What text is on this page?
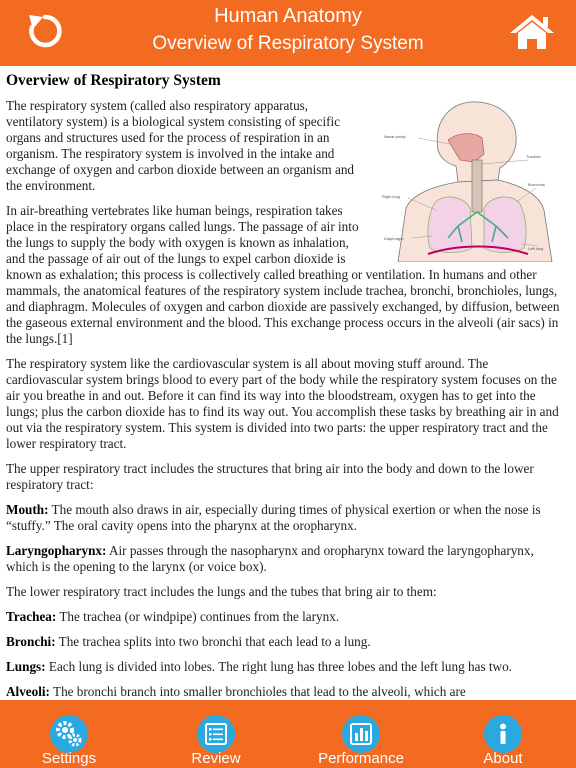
Human Anatomy
Overview of Respiratory System
Overview of Respiratory System
Nasal cavity
Trachea
Right lung
Bronchus
Diaphragm
Left lung

The respiratory system (called also respiratory apparatus, ventilatory system) is a biological system consisting of specific organs and structures used for the process of respiration in an organism. The respiratory system is involved in the intake and exchange of oxygen and carbon dioxide between an organism and the environment.

In air-breathing vertebrates like human beings, respiration takes place in the respiratory organs called lungs. The passage of air into the lungs to supply the body with oxygen is known as inhalation, and the passage of air out of the lungs to expel carbon dioxide is known as exhalation; this process is collectively called breathing or ventilation. In humans and other mammals, the anatomical features of the respiratory system include trachea, bronchi, bronchioles, lungs, and diaphragm. Molecules of oxygen and carbon dioxide are passively exchanged, by diffusion, between the gaseous external environment and the blood. This exchange process occurs in the alveoli (air sacs) in the lungs.[1]

The respiratory system like the cardiovascular system is all about moving stuff around. The cardiovascular system brings blood to every part of the body while the respiratory system focuses on the air you breathe in and out. Before it can find its way into the bloodstream, oxygen has to get into the lungs; plus the carbon dioxide has to find its way out. You accomplish these tasks by breathing air in and out via the respiratory system. This system is divided into two parts: the upper respiratory tract and the lower respiratory tract.

The upper respiratory tract includes the structures that bring air into the body and down to the lower respiratory tract:

Mouth: The mouth also draws in air, especially during times of physical exertion or when the nose is “stuffy.” The oral cavity opens into the pharynx at the oropharynx.

Laryngopharynx: Air passes through the nasopharynx and oropharynx toward the laryngopharynx, which is the opening to the larynx (or voice box).

The lower respiratory tract includes the lungs and the tubes that bring air to them:

Trachea: The trachea (or windpipe) continues from the larynx.

Bronchi: The trachea splits into two bronchi that each lead to a lung.

Lungs: Each lung is divided into lobes. The right lung has three lobes and the left lung has two.

Alveoli: The bronchi branch into smaller bronchioles that lead to the alveoli, which are

Settings	Review	Performance	About
